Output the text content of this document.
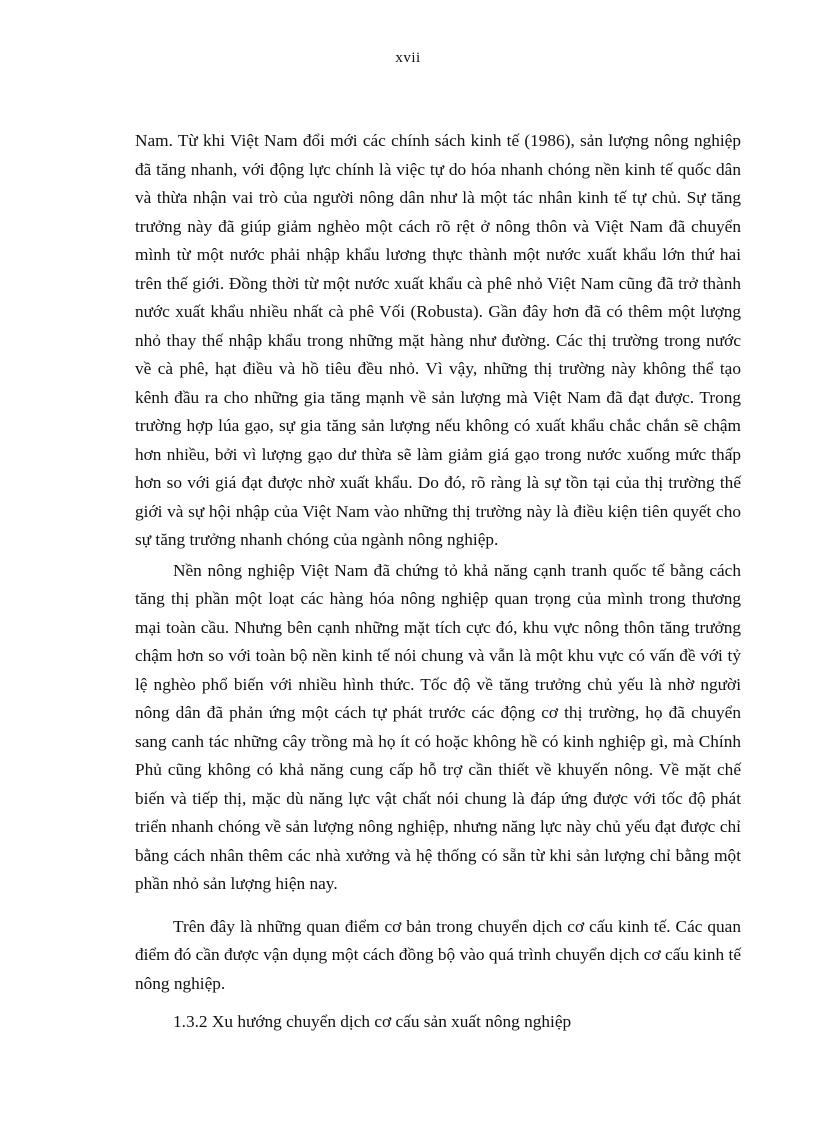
xvii

Nam. Từ khi Việt Nam đổi mới các chính sách kinh tế (1986), sản lượng nông nghiệp đã tăng nhanh, với động lực chính là việc tự do hóa nhanh chóng nền kinh tế quốc dân và thừa nhận vai trò của người nông dân như là một tác nhân kinh tế tự chủ. Sự tăng trưởng này đã giúp giảm nghèo một cách rõ rệt ở nông thôn và Việt Nam đã chuyển mình từ một nước phải nhập khẩu lương thực thành một nước xuất khẩu lớn thứ hai trên thế giới. Đồng thời từ một nước xuất khẩu cà phê nhỏ Việt Nam cũng đã trở thành nước xuất khẩu nhiều nhất cà phê Vối (Robusta). Gần đây hơn đã có thêm một lượng nhỏ thay thế nhập khẩu trong những mặt hàng như đường. Các thị trường trong nước về cà phê, hạt điều và hồ tiêu đều nhỏ. Vì vậy, những thị trường này không thể tạo kênh đầu ra cho những gia tăng mạnh về sản lượng mà Việt Nam đã đạt được. Trong trường hợp lúa gạo, sự gia tăng sản lượng nếu không có xuất khẩu chắc chắn sẽ chậm hơn nhiều, bởi vì lượng gạo dư thừa sẽ làm giảm giá gạo trong nước xuống mức thấp hơn so với giá đạt được nhờ xuất khẩu. Do đó, rõ ràng là sự tồn tại của thị trường thế giới và sự hội nhập của Việt Nam vào những thị trường này là điều kiện tiên quyết cho sự tăng trưởng nhanh chóng của ngành nông nghiệp.

Nền nông nghiệp Việt Nam đã chứng tỏ khả năng cạnh tranh quốc tế bằng cách tăng thị phần một loạt các hàng hóa nông nghiệp quan trọng của mình trong thương mại toàn cầu. Nhưng bên cạnh những mặt tích cực đó, khu vực nông thôn tăng trưởng chậm hơn so với toàn bộ nền kinh tế nói chung và vẫn là một khu vực có vấn đề với tỷ lệ nghèo phổ biến với nhiều hình thức. Tốc độ về tăng trưởng chủ yếu là nhờ người nông dân đã phản ứng một cách tự phát trước các động cơ thị trường, họ đã chuyển sang canh tác những cây trồng mà họ ít có hoặc không hề có kinh nghiệp gì, mà Chính Phủ cũng không có khả năng cung cấp hỗ trợ cần thiết về khuyến nông. Về mặt chế biến và tiếp thị, mặc dù năng lực vật chất nói chung là đáp ứng được với tốc độ phát triển nhanh chóng về sản lượng nông nghiệp, nhưng năng lực này chủ yếu đạt được chỉ bằng cách nhân thêm các nhà xưởng và hệ thống có sẵn từ khi sản lượng chỉ bằng một phần nhỏ sản lượng hiện nay.

Trên đây là những quan điểm cơ bản trong chuyển dịch cơ cấu kinh tế. Các quan điểm đó cần được vận dụng một cách đồng bộ vào quá trình chuyển dịch cơ cấu kinh tế nông nghiệp.

1.3.2 Xu hướng chuyển dịch cơ cấu sản xuất nông nghiệp
